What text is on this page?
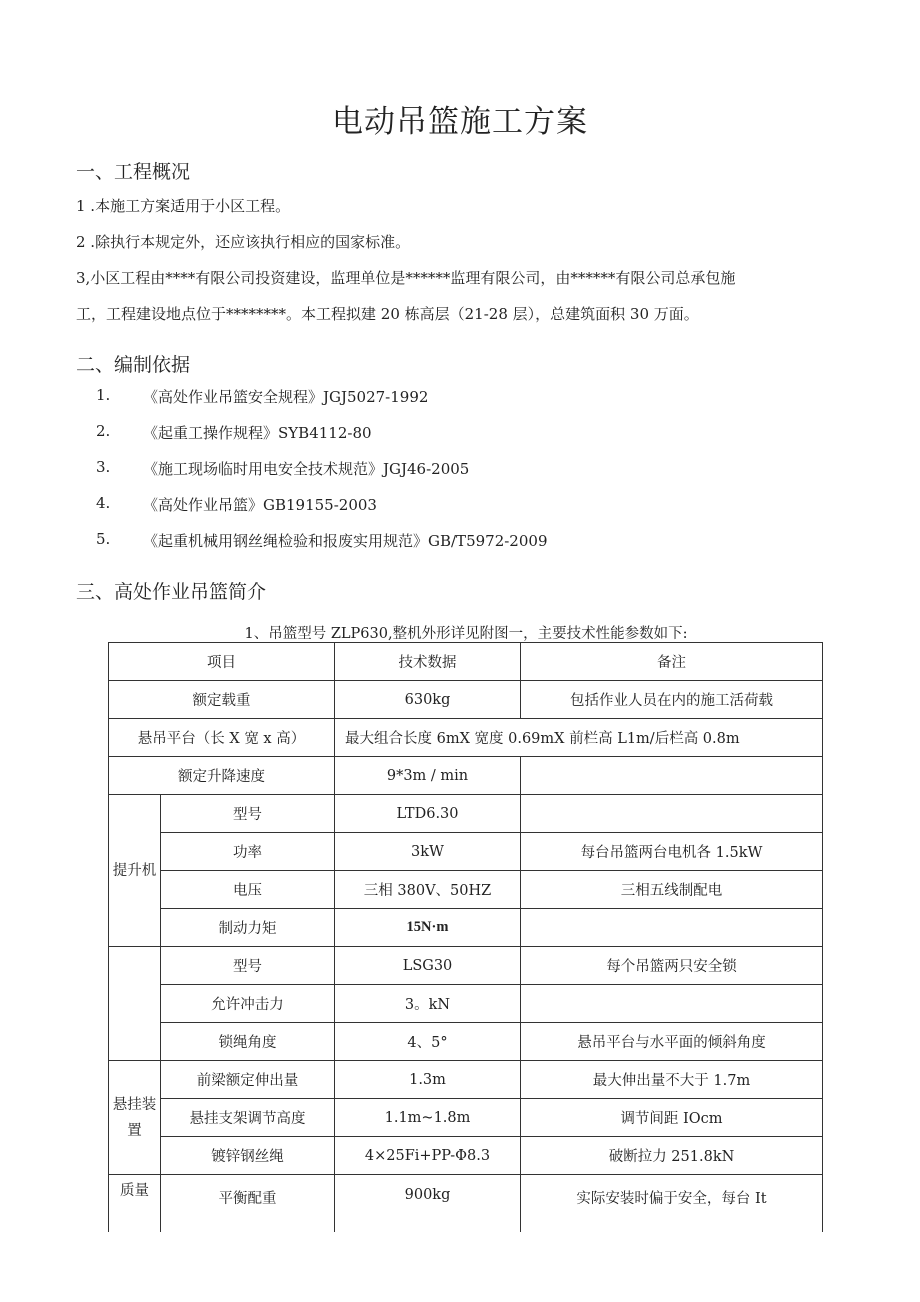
电动吊篮施工方案
一、工程概况
1 .本施工方案适用于小区工程。
2 .除执行本规定外，还应该执行相应的国家标准。
3,小区工程由****有限公司投资建设，监理单位是******监理有限公司，由******有限公司总承包施
工，工程建设地点位于********。本工程拟建 20 栋高层（21-28 层），总建筑面积 30 万面。
二、编制依据
1. 《高处作业吊篮安全规程》JGJ5027-1992
2. 《起重工操作规程》SYB4112-80
3. 《施工现场临时用电安全技术规范》JGJ46-2005
4. 《高处作业吊篮》GB19155-2003
5. 《起重机械用钢丝绳检验和报废实用规范》GB/T5972-2009
三、高处作业吊篮简介
1、吊篮型号 ZLP630,整机外形详见附图一，主要技术性能参数如下:
项目		技术数据	备注
额定载重		630kg	包括作业人员在内的施工活荷载
悬吊平台（长 X 宽 x 高）		最大组合长度 6mX 宽度 0.69mX 前栏高 L1m/后栏高 0.8m	
额定升降速度		9*3m / min	
提升机	型号	LTD6.30	
	功率	3kW	每台吊篮两台电机各 1.5kW
	电压	三相 380V、50HZ	三相五线制配电
	制动力矩	15N·m	
	型号	LSG30	每个吊篮两只安全锁
	允许冲击力	3。kN	
	锁绳角度	4、5°	悬吊平台与水平面的倾斜角度
悬挂装置	前梁额定伸出量	1.3m	最大伸出量不大于 1.7m
	悬挂支架调节高度	1.1m~1.8m	调节间距 IOcm
	镀锌钢丝绳	4×25Fi+PP-Φ8.3	破断拉力 251.8kN
质量	平衡配重	900kg	实际安装时偏于安全，每台 It
